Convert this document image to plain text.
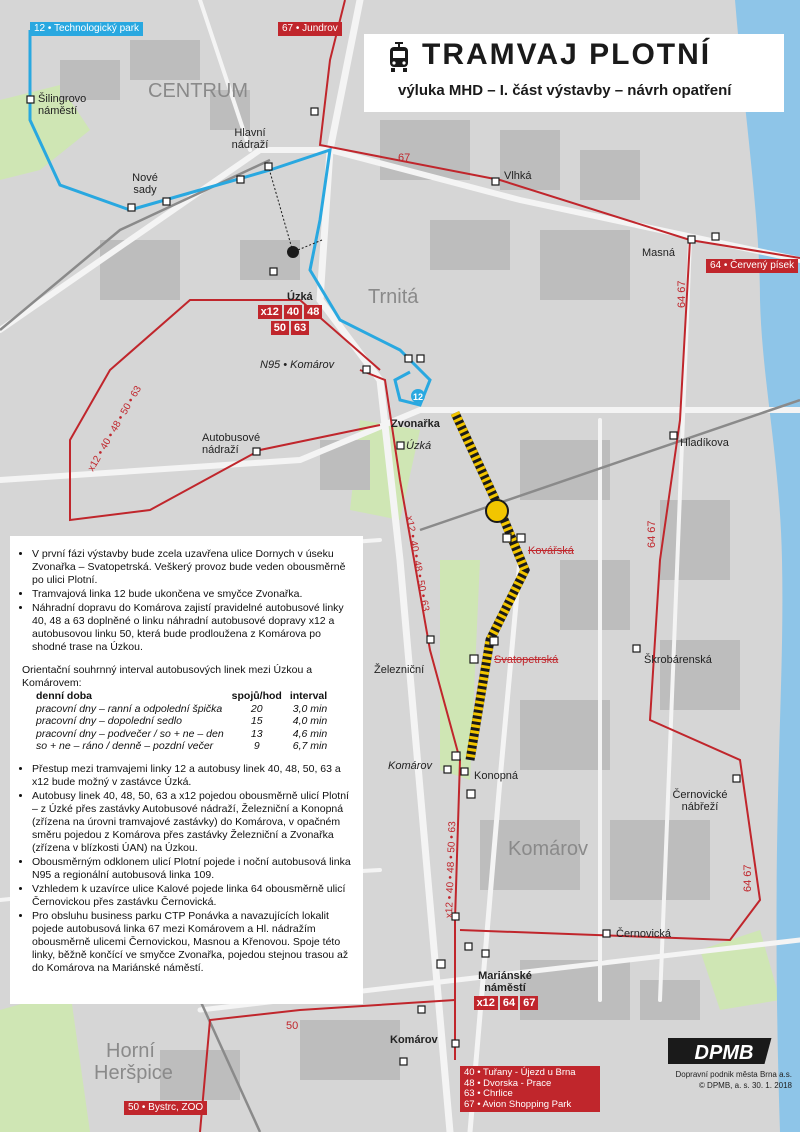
12
12 • Technologický park	67 • Jundrov
64 • Červený písek
50 • Bystrc, ZOO
CENTRUM
Trnitá
Komárov
Horní
Heršpice
Šilingrovo
náměstí
Hlavní
nádraží
Nové
sady
Vlhká
Masná
Úzká
x12 40 48
50 63
N95 • Komárov
Zvonařka
Úzká
Autobusové
nádraží
Hladíkova
Kovářská
Svatopetrská
Železniční
Škrobárenská
Komárov
Konopná
Černovické
nábřeží
Černovická
Mariánské
náměstí
x12 64 67
Komárov
67
64 67
64 67
64 67
x12 • 40 • 48 • 50 • 63
x12 • 40 • 48 • 50 • 63
x12 • 40 • 48 • 50 • 63
50
TRAMVAJ PLOTNÍ
výluka MHD – I. část výstavby – návrh opatření
• V první fázi výstavby bude zcela uzavřena ulice Dornych v úseku Zvonařka – Svatopetrská. Veškerý provoz bude veden obousměrně po ulici Plotní.
• Tramvajová linka 12 bude ukončena ve smyčce Zvonařka.
• Náhradní dopravu do Komárova zajistí pravidelné autobusové linky 40, 48 a 63 doplněné o linku náhradní autobusové dopravy x12 a autobusovou linku 50, která bude prodloužena z Komárova po shodné trase na Úzkou.

Orientační souhrnný interval autobusových linek mezi Úzkou a Komárovem:

denní doba	spojů/hod	interval
pracovní dny – ranní a odpolední špička	20	3,0 min
pracovní dny – dopolední sedlo	15	4,0 min
pracovní dny – podvečer / so + ne – den	13	4,6 min
so + ne – ráno / denně – pozdní večer	9	6,7 min
• Přestup mezi tramvajemi linky 12 a autobusy linek 40, 48, 50, 63 a x12 bude možný v zastávce Úzká.
• Autobusy linek 40, 48, 50, 63 a x12 pojedou obousměrně ulicí Plotní – z Úzké přes zastávky Autobusové nádraží, Železniční a Konopná (zřízena na úrovni tramvajové zastávky) do Komárova, v opačném směru pojedou z Komárova přes zastávky Železniční a Zvonařka (zřízena v blízkosti ÚAN) na Úzkou.
• Obousměrným odklonem ulicí Plotní pojede i noční autobusová linka N95 a regionální autobusová linka 109.
• Vzhledem k uzavírce ulice Kalové pojede linka 64 obousměrně ulicí Černovickou přes zastávku Černovická.
• Pro obsluhu business parku CTP Ponávka a navazujících lokalit pojede autobusová linka 67 mezi Komárovem a Hl. nádražím obousměrně ulicemi Černovickou, Masnou a Křenovou. Spoje této linky, běžně končící ve smyčce Zvonařka, pojedou stejnou trasou až do Komárova na Mariánské náměstí.
40 • Tuřany - Újezd u Brna
48 • Dvorska - Prace
63 • Chrlice
67 • Avion Shopping Park
DPMB
Dopravní podnik města Brna a.s.
© DPMB, a. s. 30. 1. 2018
